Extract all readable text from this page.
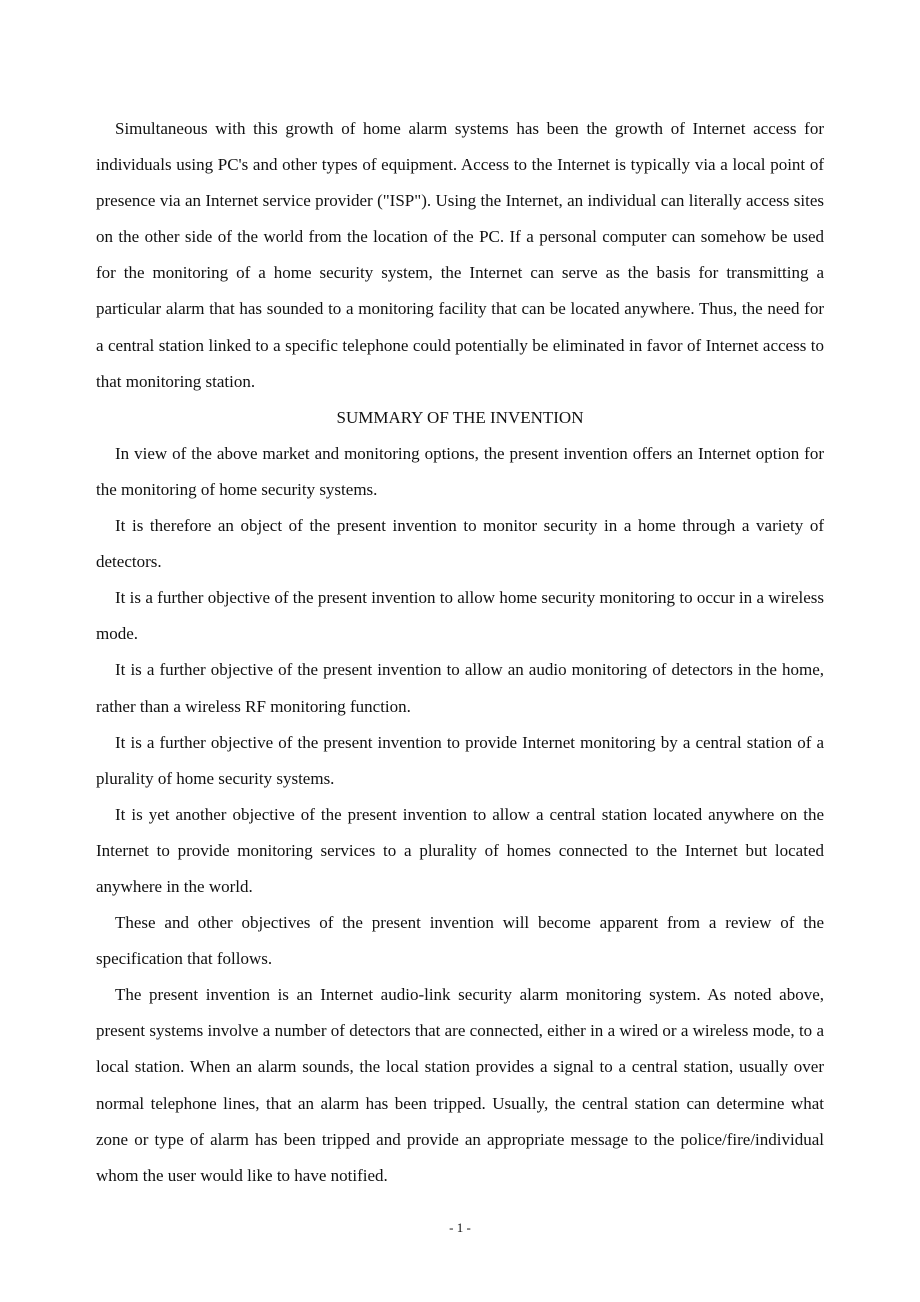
Simultaneous with this growth of home alarm systems has been the growth of Internet access for individuals using PC's and other types of equipment. Access to the Internet is typically via a local point of presence via an Internet service provider ("ISP"). Using the Internet, an individual can literally access sites on the other side of the world from the location of the PC. If a personal computer can somehow be used for the monitoring of a home security system, the Internet can serve as the basis for transmitting a particular alarm that has sounded to a monitoring facility that can be located anywhere. Thus, the need for a central station linked to a specific telephone could potentially be eliminated in favor of Internet access to that monitoring station.

SUMMARY OF THE INVENTION

In view of the above market and monitoring options, the present invention offers an Internet option for the monitoring of home security systems.

It is therefore an object of the present invention to monitor security in a home through a variety of detectors.

It is a further objective of the present invention to allow home security monitoring to occur in a wireless mode.

It is a further objective of the present invention to allow an audio monitoring of detectors in the home, rather than a wireless RF monitoring function.

It is a further objective of the present invention to provide Internet monitoring by a central station of a plurality of home security systems.

It is yet another objective of the present invention to allow a central station located anywhere on the Internet to provide monitoring services to a plurality of homes connected to the Internet but located anywhere in the world.

These and other objectives of the present invention will become apparent from a review of the specification that follows.

The present invention is an Internet audio-link security alarm monitoring system. As noted above, present systems involve a number of detectors that are connected, either in a wired or a wireless mode, to a local station. When an alarm sounds, the local station provides a signal to a central station, usually over normal telephone lines, that an alarm has been tripped. Usually, the central station can determine what zone or type of alarm has been tripped and provide an appropriate message to the police/fire/individual whom the user would like to have notified.

- 1 -
